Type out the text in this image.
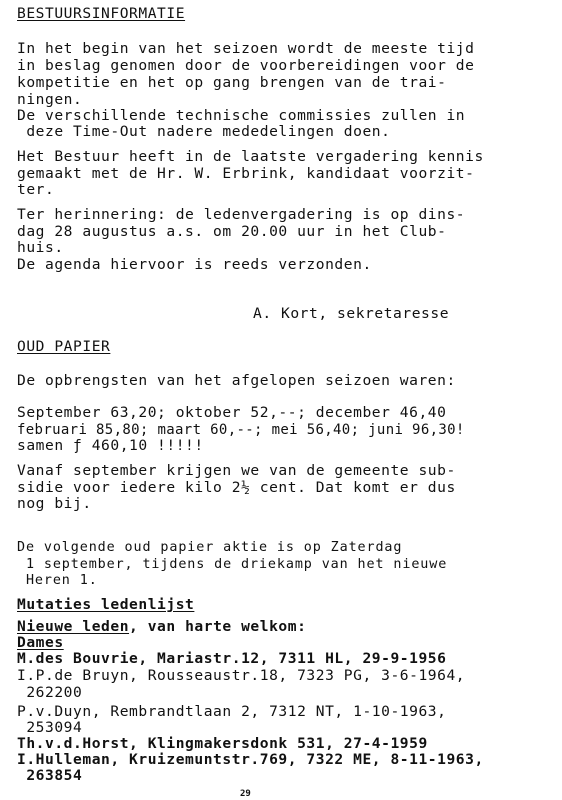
BESTUURSINFORMATIE

In het begin van het seizoen wordt de meeste tijd

in beslag genomen door de voorbereidingen voor de

kompetitie en het op gang brengen van de trai-

ningen.

De verschillende technische commissies zullen in

deze Time-Out nadere mededelingen doen.

Het Bestuur heeft in de laatste vergadering kennis

gemaakt met de Hr. W. Erbrink, kandidaat voorzit-

ter.

Ter herinnering: de ledenvergadering is op dins-

dag 28 augustus a.s. om 20.00 uur in het Club-

huis.

De agenda hiervoor is reeds verzonden.

A. Kort, sekretaresse

OUD PAPIER

De opbrengsten van het afgelopen seizoen waren:

September 63,20; oktober 52,--; december 46,40

februari 85,80; maart 60,--; mei 56,40; juni 96,30!

samen ƒ 460,10 !!!!!

Vanaf september krijgen we van de gemeente sub-

sidie voor iedere kilo 2½ cent. Dat komt er dus

nog bij.

De volgende oud papier aktie is op Zaterdag

1 september, tijdens de driekamp van het nieuwe

Heren 1.

Mutaties ledenlijst

Nieuwe leden, van harte welkom:

Dames

M.des Bouvrie, Mariastr.12, 7311 HL, 29-9-1956

I.P.de Bruyn, Rousseaustr.18, 7323 PG, 3-6-1964,

262200

P.v.Duyn, Rembrandtlaan 2, 7312 NT, 1-10-1963,

253094

Th.v.d.Horst, Klingmakersdonk 531, 27-4-1959

I.Hulleman, Kruizemuntstr.769, 7322 ME, 8-11-1963,

263854

29
